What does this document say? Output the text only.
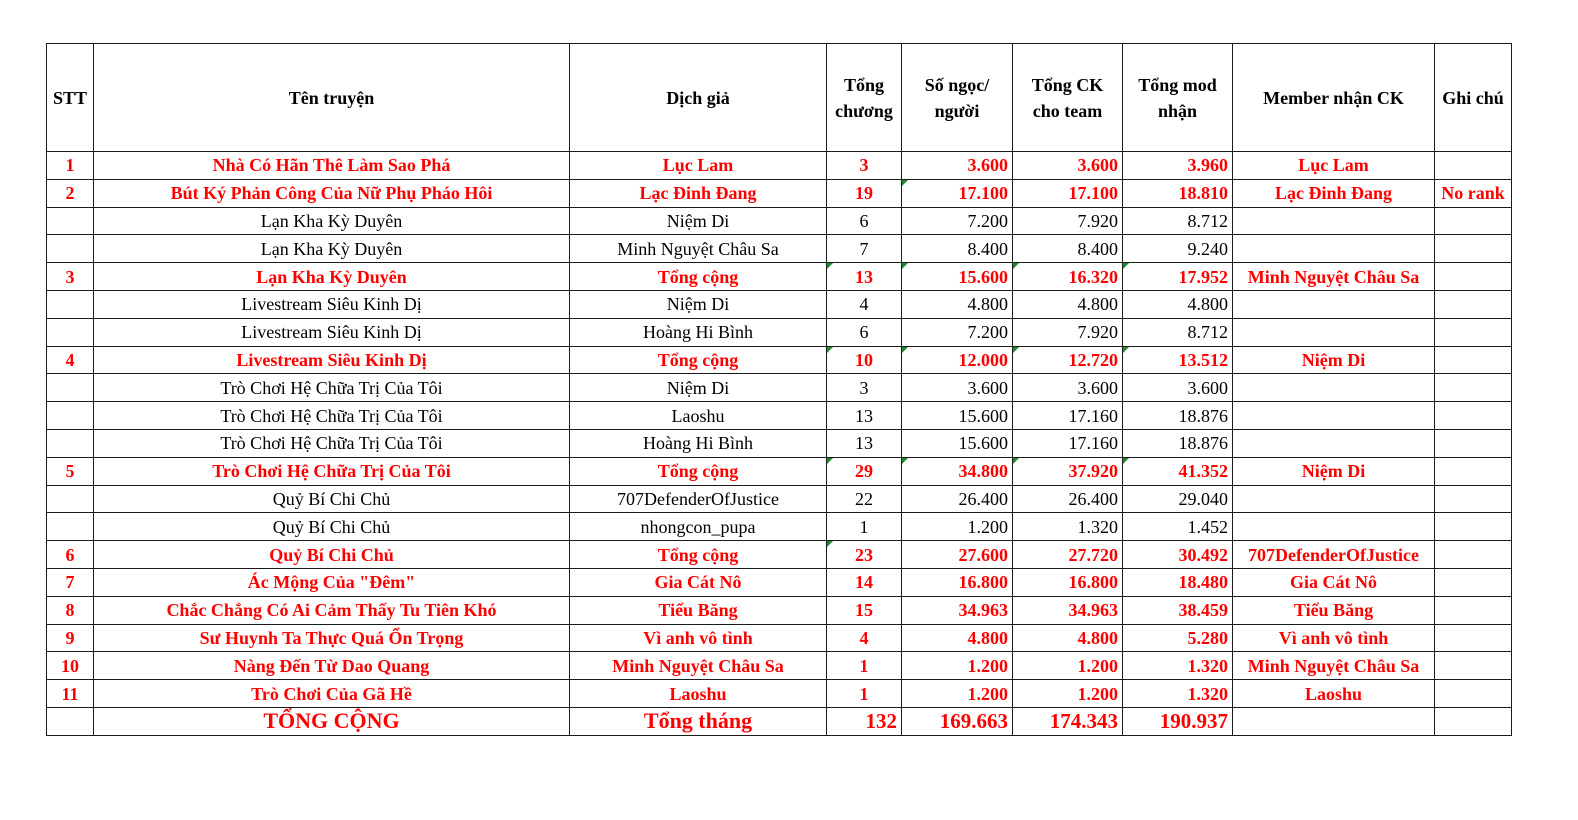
STT	Tên truyện	Dịch giả	Tổng chương	Số ngọc/ người	Tổng CK cho team	Tổng mod nhận	Member nhận CK	Ghi chú
1	Nhà Có Hãn Thê Làm Sao Phá	Lục Lam	3	3.600	3.600	3.960	Lục Lam	
2	Bút Ký Phản Công Của Nữ Phụ Pháo Hôi	Lạc Đinh Đang	19	17.100	17.100	18.810	Lạc Đinh Đang	No rank
	Lạn Kha Kỳ Duyên	Niệm Di	6	7.200	7.920	8.712		
	Lạn Kha Kỳ Duyên	Minh Nguyệt Châu Sa	7	8.400	8.400	9.240		
3	Lạn Kha Kỳ Duyên	Tổng cộng	13	15.600	16.320	17.952	Minh Nguyệt Châu Sa	
	Livestream Siêu Kinh Dị	Niệm Di	4	4.800	4.800	4.800		
	Livestream Siêu Kinh Dị	Hoàng Hi Bình	6	7.200	7.920	8.712		
4	Livestream Siêu Kinh Dị	Tổng cộng	10	12.000	12.720	13.512	Niệm Di	
	Trò Chơi Hệ Chữa Trị Của Tôi	Niệm Di	3	3.600	3.600	3.600		
	Trò Chơi Hệ Chữa Trị Của Tôi	Laoshu	13	15.600	17.160	18.876		
	Trò Chơi Hệ Chữa Trị Của Tôi	Hoàng Hi Bình	13	15.600	17.160	18.876		
5	Trò Chơi Hệ Chữa Trị Của Tôi	Tổng cộng	29	34.800	37.920	41.352	Niệm Di	
	Quỷ Bí Chi Chủ	707DefenderOfJustice	22	26.400	26.400	29.040		
	Quỷ Bí Chi Chủ	nhongcon_pupa	1	1.200	1.320	1.452		
6	Quỷ Bí Chi Chủ	Tổng cộng	23	27.600	27.720	30.492	707DefenderOfJustice	
7	Ác Mộng Của "Đêm"	Gia Cát Nô	14	16.800	16.800	18.480	Gia Cát Nô	
8	Chắc Chẳng Có Ai Cảm Thấy Tu Tiên Khó	Tiểu Băng	15	34.963	34.963	38.459	Tiểu Băng	
9	Sư Huynh Ta Thực Quá Ổn Trọng	Vì anh vô tình	4	4.800	4.800	5.280	Vì anh vô tình	
10	Nàng Đến Từ Dao Quang	Minh Nguyệt Châu Sa	1	1.200	1.200	1.320	Minh Nguyệt Châu Sa	
11	Trò Chơi Của Gã Hề	Laoshu	1	1.200	1.200	1.320	Laoshu	
	TỔNG CỘNG	Tổng tháng	132	169.663	174.343	190.937		
